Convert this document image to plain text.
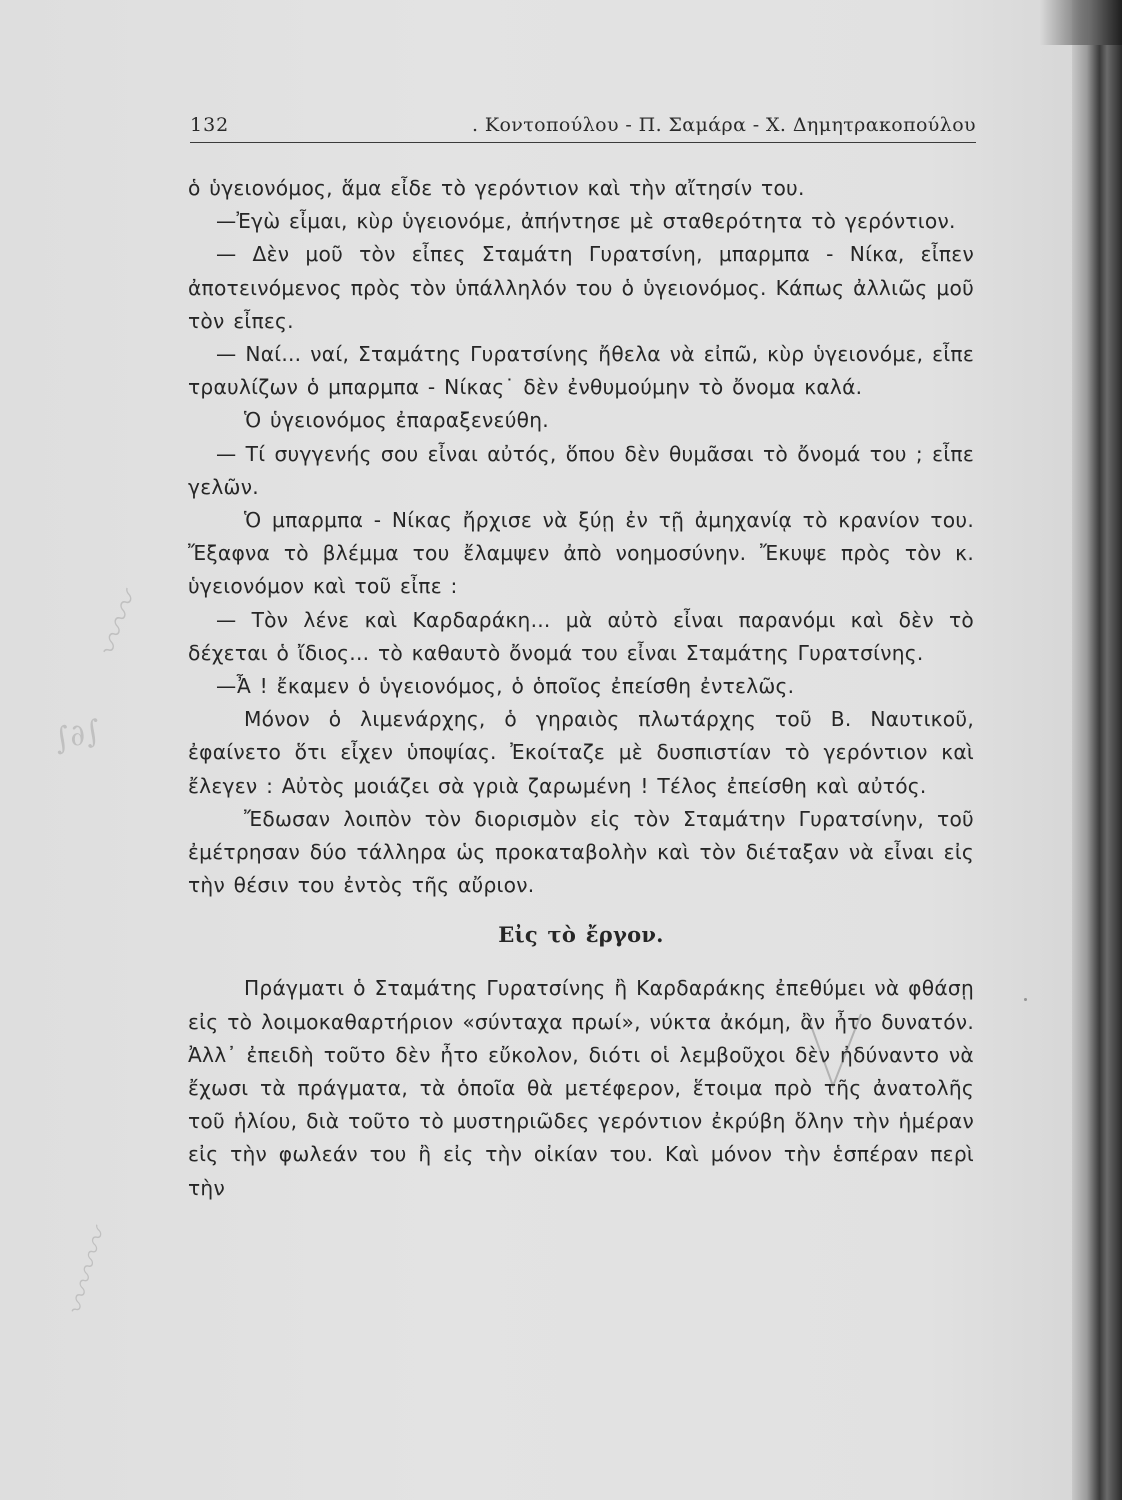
132	. Κοντοπούλου - Π. Σαμάρα - Χ. Δημητρακοπούλου

ὁ ὑγειονόμος, ἅμα εἶδε τὸ γερόντιον καὶ τὴν αἴτησίν του.

—Ἐγὼ εἶμαι, κὺρ ὑγειονόμε, ἀπήντησε μὲ σταθερότητα τὸ γερόντιον.

— Δὲν μοῦ τὸν εἶπες Σταμάτη Γυρατσίνη, μπαρμπα - Νίκα, εἶπεν ἀποτεινόμενος πρὸς τὸν ὑπάλληλόν του ὁ ὑγειονόμος. Κάπως ἀλλιῶς μοῦ τὸν εἶπες.

— Ναί... ναί, Σταμάτης Γυρατσίνης ἤθελα νὰ εἰπῶ, κὺρ ὑγειονόμε, εἶπε τραυλίζων ὁ μπαρμπα - Νίκας˙ δὲν ἐνθυμούμην τὸ ὄνομα καλά.

Ὁ ὑγειονόμος ἐπαραξενεύθη.

— Τί συγγενής σου εἶναι αὐτός, ὅπου δὲν θυμᾶσαι τὸ ὄνομά του ; εἶπε γελῶν.

Ὁ μπαρμπα - Νίκας ἤρχισε νὰ ξύῃ ἐν τῇ ἀμηχανίᾳ τὸ κρανίον του. Ἔξαφνα τὸ βλέμμα του ἔλαμψεν ἀπὸ νοημοσύνην. Ἔκυψε πρὸς τὸν κ. ὑγειονόμον καὶ τοῦ εἶπε :

— Τὸν λένε καὶ Καρδαράκη... μὰ αὐτὸ εἶναι παρανόμι καὶ δὲν τὸ δέχεται ὁ ἴδιος... τὸ καθαυτὸ ὄνομά του εἶναι Σταμάτης Γυρατσίνης.

—Ἆ ! ἔκαμεν ὁ ὑγειονόμος, ὁ ὁποῖος ἐπείσθη ἐντελῶς.

Μόνον ὁ λιμενάρχης, ὁ γηραιὸς πλωτάρχης τοῦ Β. Ναυτικοῦ, ἐφαίνετο ὅτι εἶχεν ὑποψίας. Ἐκοίταζε μὲ δυσπιστίαν τὸ γερόντιον καὶ ἔλεγεν : Αὐτὸς μοιάζει σὰ γριὰ ζαρωμένη ! Τέλος ἐπείσθη καὶ αὐτός.

Ἔδωσαν λοιπὸν τὸν διορισμὸν εἰς τὸν Σταμάτην Γυρατσίνην, τοῦ ἐμέτρησαν δύο τάλληρα ὡς προκαταβολὴν καὶ τὸν διέταξαν νὰ εἶναι εἰς τὴν θέσιν του ἐντὸς τῆς αὔριον.

Εἰς τὸ ἔργον.

Πράγματι ὁ Σταμάτης Γυρατσίνης ἢ Καρδαράκης ἐπεθύμει νὰ φθάσῃ εἰς τὸ λοιμοκαθαρτήριον «σύνταχα πρωί», νύκτα ἀκόμη, ἂν ἦτο δυνατόν. Ἀλλ᾽ ἐπειδὴ τοῦτο δὲν ἦτο εὔκολον, διότι οἱ λεμβοῦχοι δὲν ἠδύναντο νὰ ἔχωσι τὰ πράγματα, τὰ ὁποῖα θὰ μετέφερον, ἕτοιμα πρὸ τῆς ἀνατολῆς τοῦ ἡλίου, διὰ τοῦτο τὸ μυστηριῶδες γερόντιον ἐκρύβη ὅλην τὴν ἡμέραν εἰς τὴν φωλεάν του ἢ εἰς τὴν οἰκίαν του. Καὶ μόνον τὴν ἑσπέραν περὶ τὴν

〰〰
∫∂∫
〰〰〰
